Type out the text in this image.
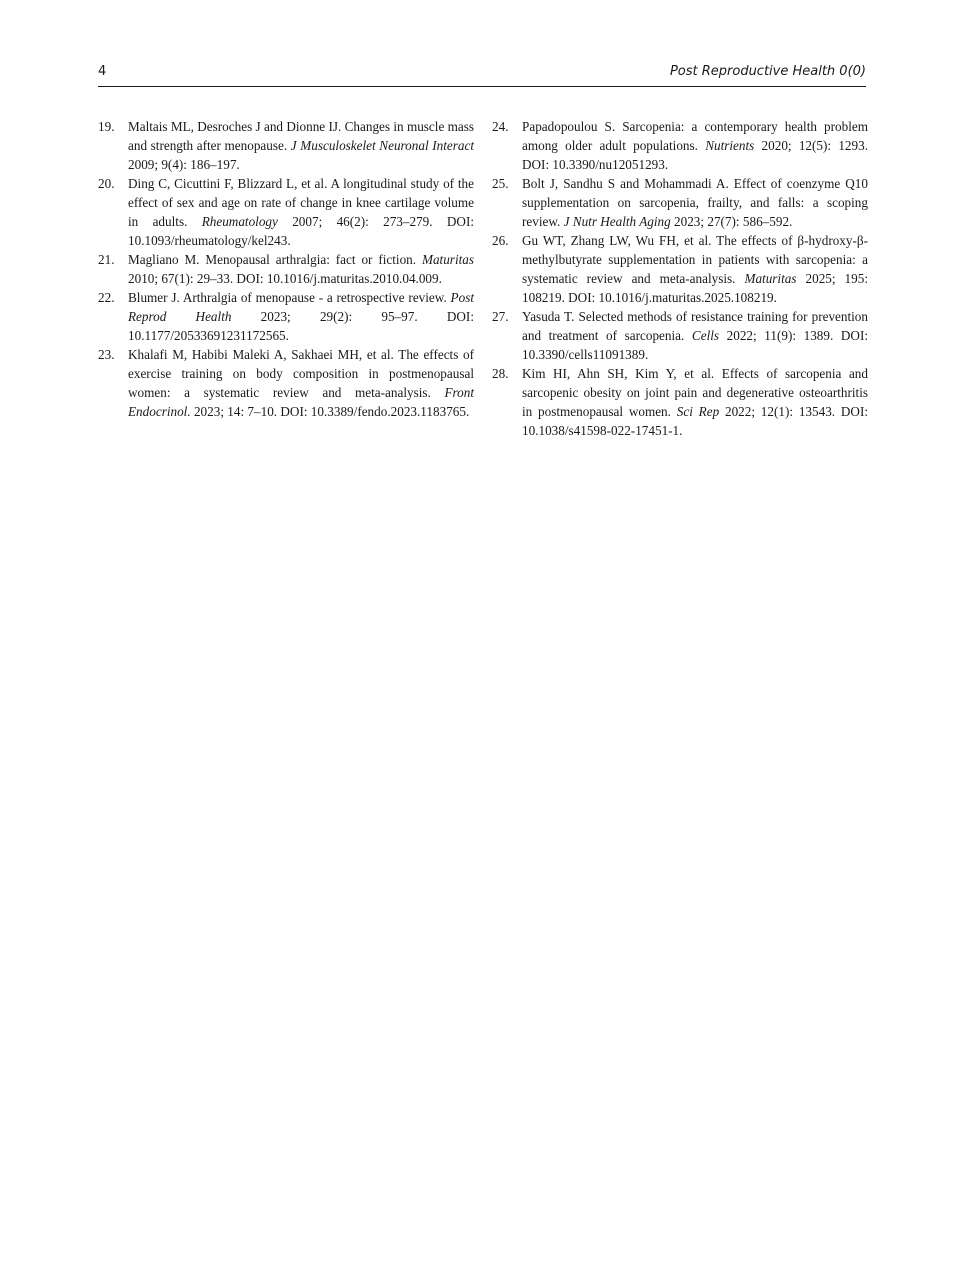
4	Post Reproductive Health 0(0)
19. Maltais ML, Desroches J and Dionne IJ. Changes in muscle mass and strength after menopause. J Musculoskelet Neuronal Interact 2009; 9(4): 186–197.
20. Ding C, Cicuttini F, Blizzard L, et al. A longitudinal study of the effect of sex and age on rate of change in knee cartilage volume in adults. Rheumatology 2007; 46(2): 273–279. DOI: 10.1093/rheumatology/kel243.
21. Magliano M. Menopausal arthralgia: fact or fiction. Maturitas 2010; 67(1): 29–33. DOI: 10.1016/j.maturitas.2010.04.009.
22. Blumer J. Arthralgia of menopause - a retrospective review. Post Reprod Health 2023; 29(2): 95–97. DOI: 10.1177/20533691231172565.
23. Khalafi M, Habibi Maleki A, Sakhaei MH, et al. The effects of exercise training on body composition in postmenopausal women: a systematic review and meta-analysis. Front Endocrinol. 2023; 14: 7–10. DOI: 10.3389/fendo.2023.1183765.
24. Papadopoulou S. Sarcopenia: a contemporary health problem among older adult populations. Nutrients 2020; 12(5): 1293. DOI: 10.3390/nu12051293.
25. Bolt J, Sandhu S and Mohammadi A. Effect of coenzyme Q10 supplementation on sarcopenia, frailty, and falls: a scoping review. J Nutr Health Aging 2023; 27(7): 586–592.
26. Gu WT, Zhang LW, Wu FH, et al. The effects of β-hydroxy-β-methylbutyrate supplementation in patients with sarcopenia: a systematic review and meta-analysis. Maturitas 2025; 195: 108219. DOI: 10.1016/j.maturitas.2025.108219.
27. Yasuda T. Selected methods of resistance training for prevention and treatment of sarcopenia. Cells 2022; 11(9): 1389. DOI: 10.3390/cells11091389.
28. Kim HI, Ahn SH, Kim Y, et al. Effects of sarcopenia and sarcopenic obesity on joint pain and degenerative osteoarthritis in postmenopausal women. Sci Rep 2022; 12(1): 13543. DOI: 10.1038/s41598-022-17451-1.
